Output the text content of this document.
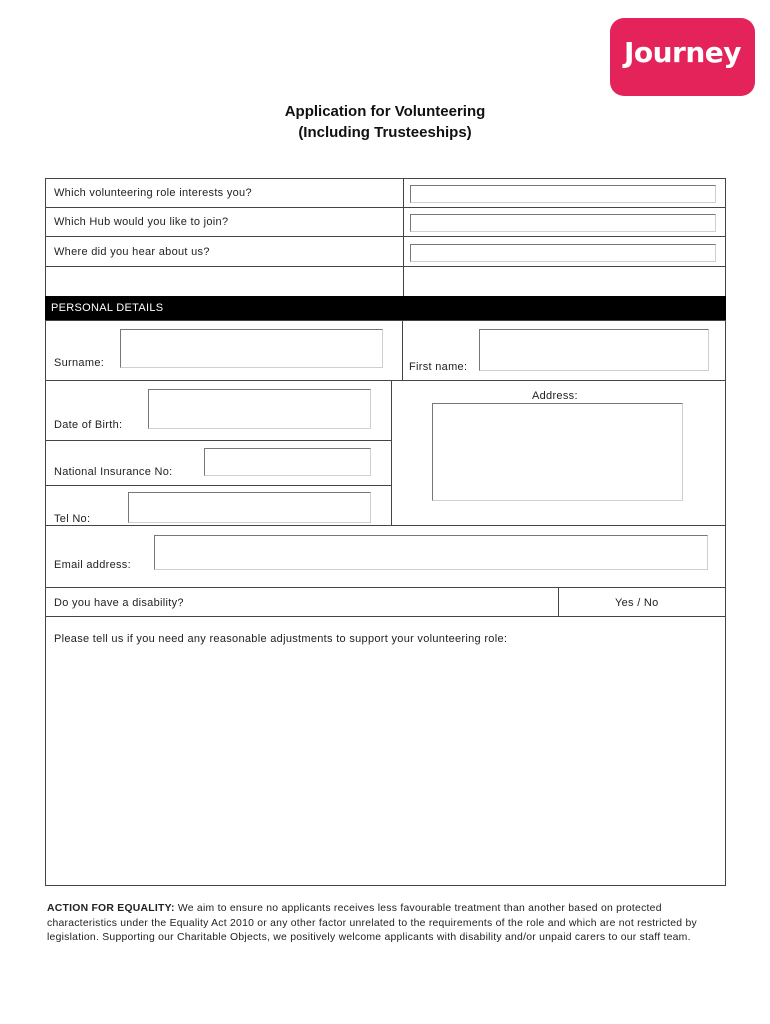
Journey
Application for Volunteering
(Including Trusteeships)
Which volunteering role interests you?
Which Hub would you like to join?
Where did you hear about us?
PERSONAL DETAILS
Surname:	First name:
Date of Birth:
Address:
National Insurance No:
Tel No:
Email address:
Do you have a disability?	Yes / No
Please tell us if you need any reasonable adjustments to support your volunteering role:
ACTION FOR EQUALITY: We aim to ensure no applicants receives less favourable treatment than another based on protected characteristics under the Equality Act 2010 or any other factor unrelated to the requirements of the role and which are not restricted by legislation. Supporting our Charitable Objects, we positively welcome applicants with disability and/or unpaid carers to our staff team.
